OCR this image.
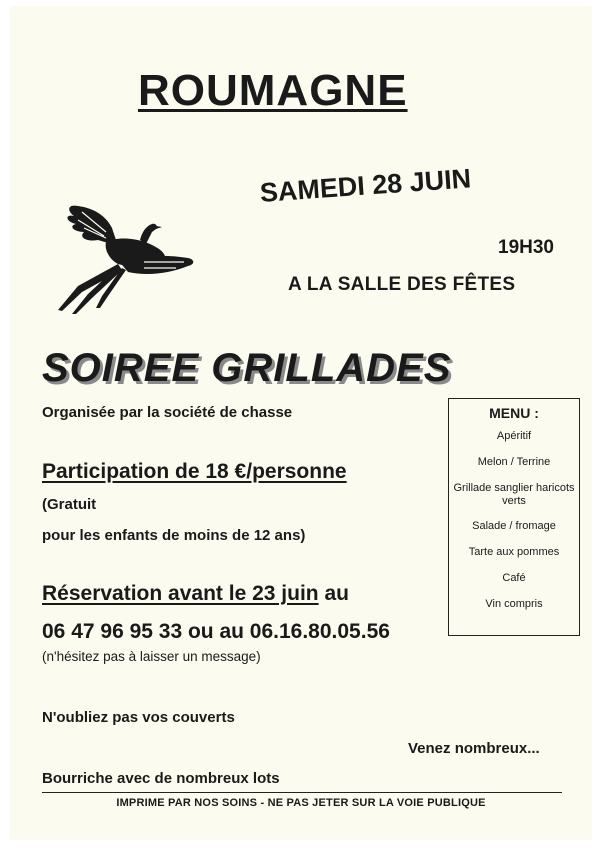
ROUMAGNE
SAMEDI 28 JUIN
19H30
A LA SALLE DES FÊTES
SOIREE GRILLADES
Organisée par la société de chasse
Participation de 18 €/personne
(Gratuit
pour les enfants de moins de 12 ans)
Réservation avant le 23 juin au
06 47 96 95 33 ou au 06.16.80.05.56
(n'hésitez pas à laisser un message)
N'oubliez pas vos couverts
Venez nombreux...
Bourriche avec de nombreux lots
IMPRIME PAR NOS SOINS - NE PAS JETER SUR LA VOIE PUBLIQUE
MENU :
Apéritif
Melon / Terrine
Grillade sanglier haricots verts
Salade / fromage
Tarte aux pommes
Café
Vin compris
